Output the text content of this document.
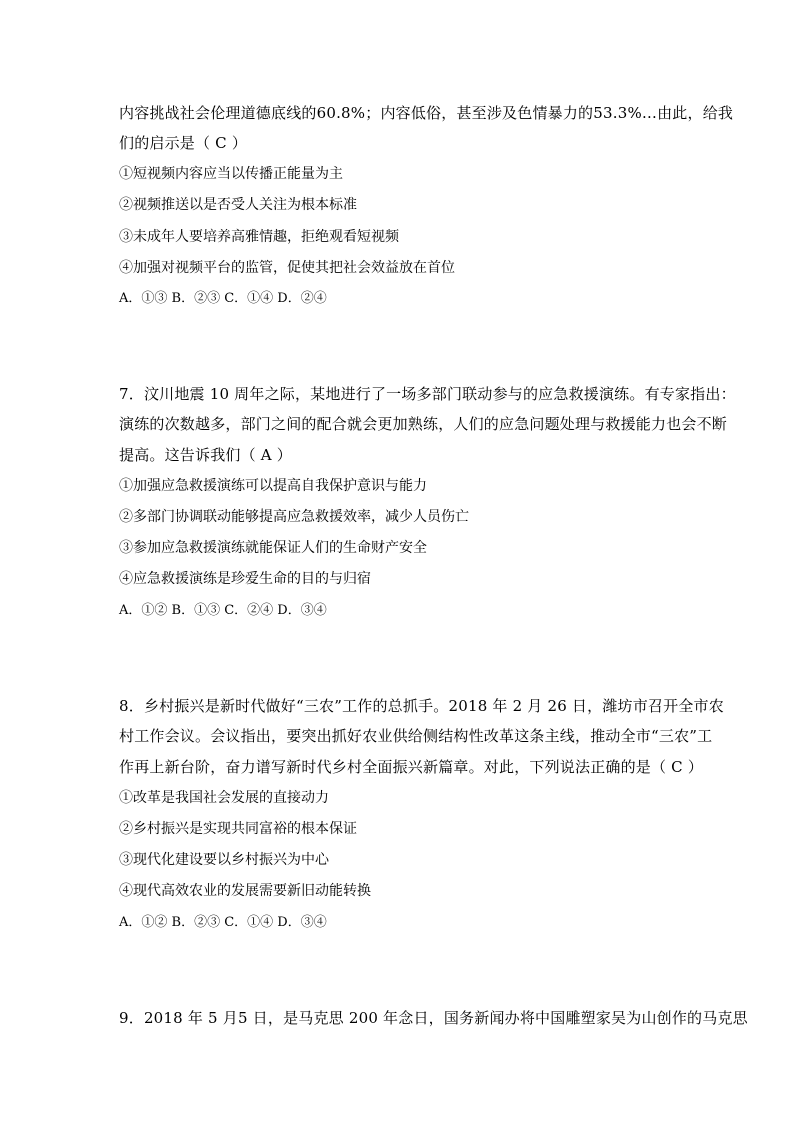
内容挑战社会伦理道德底线的60.8%；内容低俗，甚至涉及色情暴力的53.3%…由此，给我
们的启示是（ C ）
①短视频内容应当以传播正能量为主
②视频推送以是否受人关注为根本标准
③未成年人要培养高雅情趣，拒绝观看短视频
④加强对视频平台的监管，促使其把社会效益放在首位
A．①③ B．②③ C．①④ D．②④
7．汶川地震 10 周年之际，某地进行了一场多部门联动参与的应急救援演练。有专家指出：
演练的次数越多，部门之间的配合就会更加熟练，人们的应急问题处理与救援能力也会不断
提高。这告诉我们（ A ）
①加强应急救援演练可以提高自我保护意识与能力
②多部门协调联动能够提高应急救援效率，减少人员伤亡
③参加应急救援演练就能保证人们的生命财产安全
④应急救援演练是珍爱生命的目的与归宿
A．①② B．①③ C．②④ D．③④
8．乡村振兴是新时代做好“三农”工作的总抓手。2018 年 2 月 26 日，潍坊市召开全市农
村工作会议。会议指出，要突出抓好农业供给侧结构性改革这条主线，推动全市“三农”工
作再上新台阶，奋力谱写新时代乡村全面振兴新篇章。对此，下列说法正确的是（ C ）
①改革是我国社会发展的直接动力
②乡村振兴是实现共同富裕的根本保证
③现代化建设要以乡村振兴为中心
④现代高效农业的发展需要新旧动能转换
A．①② B．②③ C．①④ D．③④
9．2018 年 5 月5 日，是马克思 200 年念日，国务新闻办将中国雕塑家吴为山创作的马克思
